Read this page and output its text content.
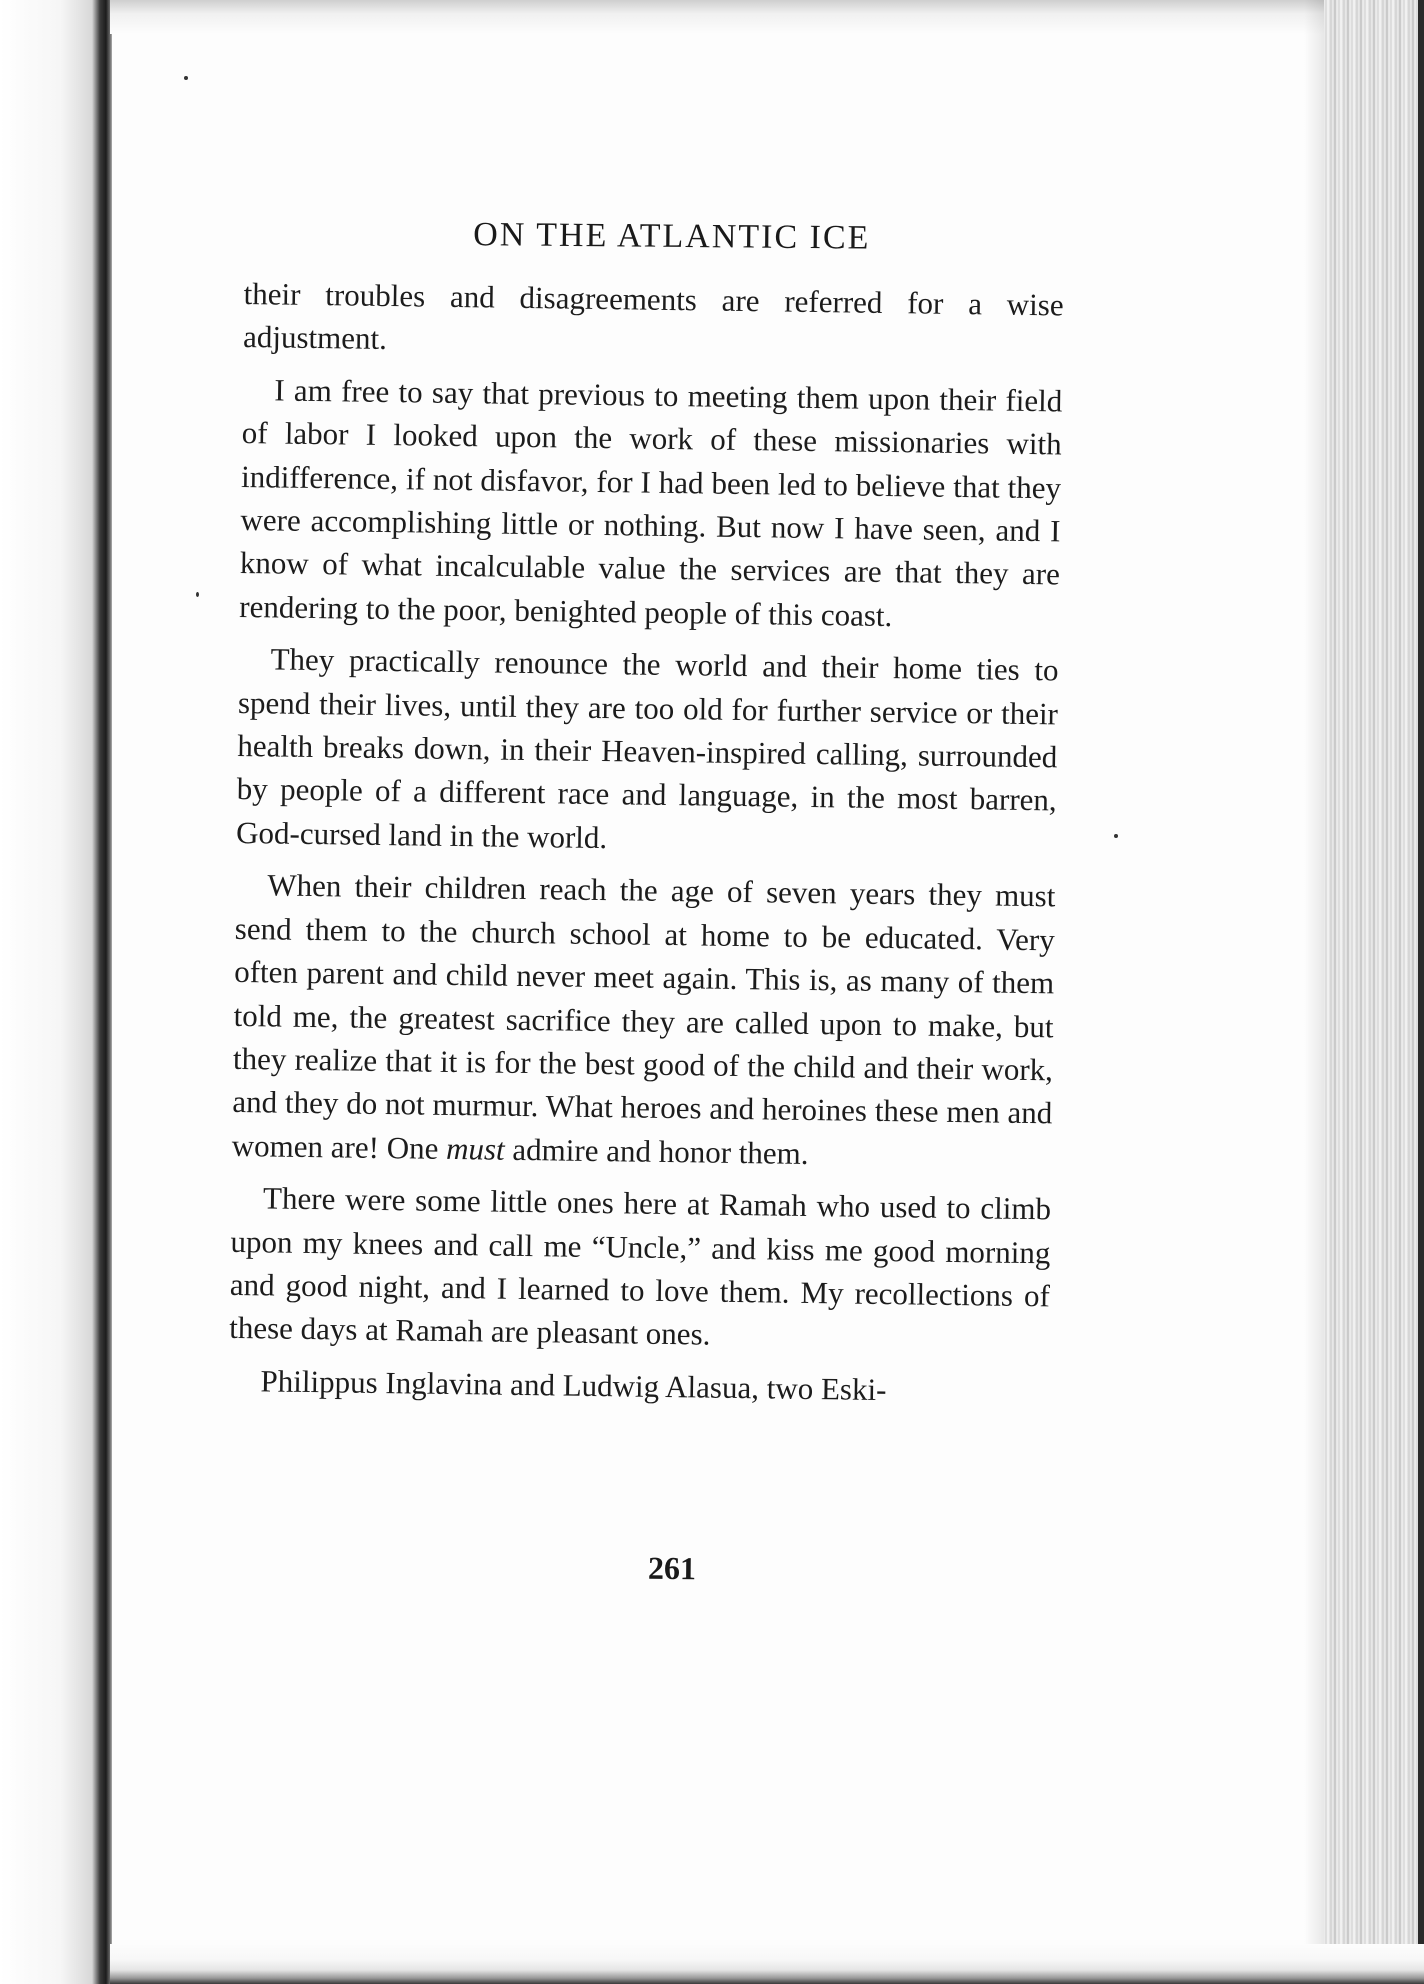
ON THE ATLANTIC ICE

their troubles and disagreements are referred for a wise adjustment.

I am free to say that previous to meeting them upon their field of labor I looked upon the work of these missionaries with indifference, if not disfavor, for I had been led to believe that they were accomplishing little or nothing. But now I have seen, and I know of what incalculable value the services are that they are rendering to the poor, benighted people of this coast.

They practically renounce the world and their home ties to spend their lives, until they are too old for further service or their health breaks down, in their Heaven-inspired calling, surrounded by people of a different race and language, in the most barren, God-cursed land in the world.

When their children reach the age of seven years they must send them to the church school at home to be educated. Very often parent and child never meet again. This is, as many of them told me, the greatest sacrifice they are called upon to make, but they realize that it is for the best good of the child and their work, and they do not murmur. What heroes and heroines these men and women are! One must admire and honor them.

There were some little ones here at Ramah who used to climb upon my knees and call me “Uncle,” and kiss me good morning and good night, and I learned to love them. My recollections of these days at Ramah are pleasant ones.

Philippus Inglavina and Ludwig Alasua, two Eski-

261
